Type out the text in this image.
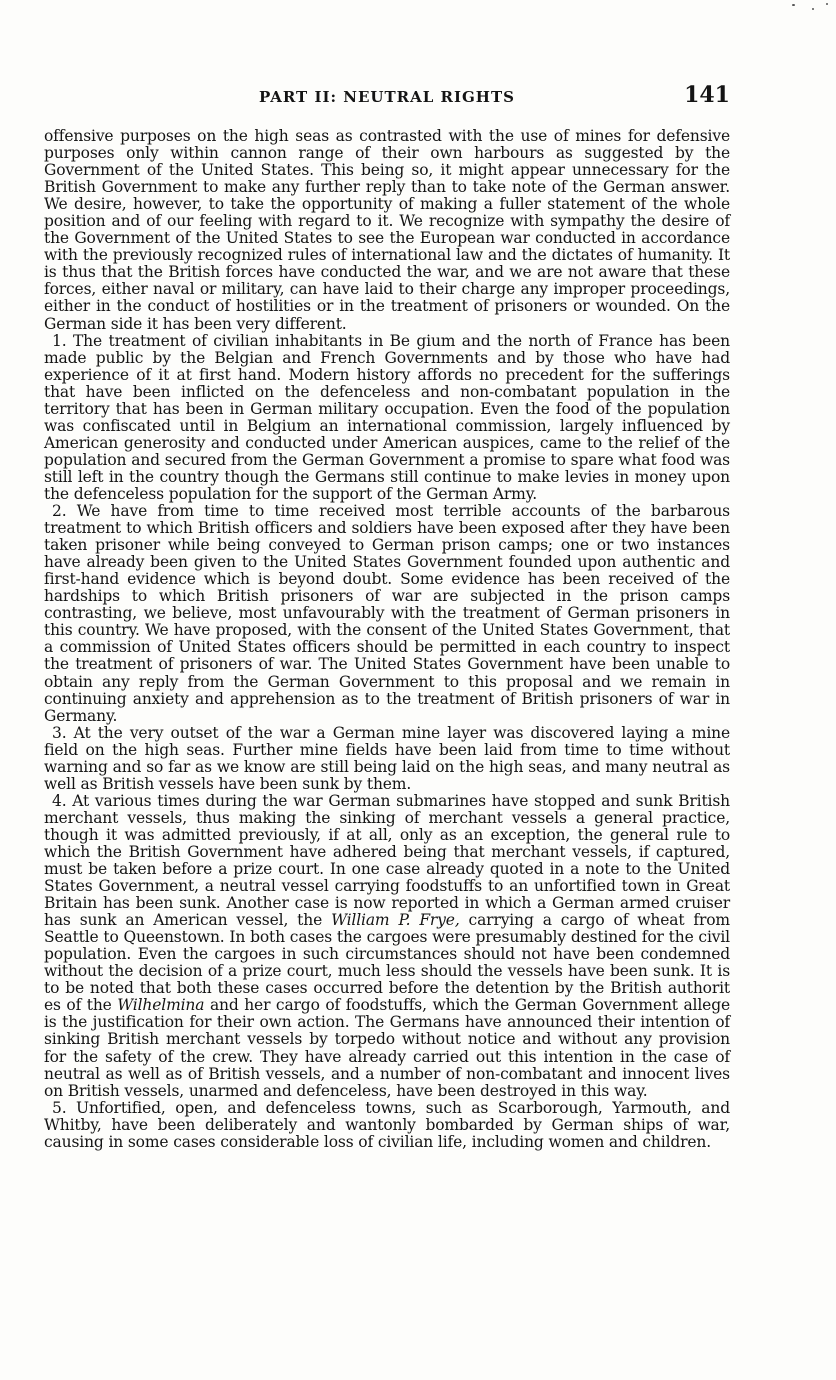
PART II: NEUTRAL RIGHTS	141

offensive purposes on the high seas as contrasted with the use of mines for defensive purposes only within cannon range of their own harbours as suggested by the Government of the United States. This being so, it might appear unnecessary for the British Government to make any further reply than to take note of the German answer. We desire, however, to take the opportunity of making a fuller statement of the whole position and of our feeling with regard to it. We recognize with sympathy the desire of the Government of the United States to see the European war conducted in accordance with the previously recognized rules of international law and the dictates of humanity. It is thus that the British forces have conducted the war, and we are not aware that these forces, either naval or military, can have laid to their charge any improper proceedings, either in the conduct of hostilities or in the treatment of prisoners or wounded. On the German side it has been very different.

1. The treatment of civilian inhabitants in Be gium and the north of France has been made public by the Belgian and French Governments and by those who have had experience of it at first hand. Modern history affords no precedent for the sufferings that have been inflicted on the defenceless and non-combatant population in the territory that has been in German military occupation. Even the food of the population was confiscated until in Belgium an international commission, largely influenced by American generosity and conducted under American auspices, came to the relief of the population and secured from the German Government a promise to spare what food was still left in the country though the Germans still continue to make levies in money upon the defenceless population for the support of the German Army.

2. We have from time to time received most terrible accounts of the barbarous treatment to which British officers and soldiers have been exposed after they have been taken prisoner while being conveyed to German prison camps; one or two instances have already been given to the United States Government founded upon authentic and first-hand evidence which is beyond doubt. Some evidence has been received of the hardships to which British prisoners of war are subjected in the prison camps contrasting, we believe, most unfavourably with the treatment of German prisoners in this country. We have proposed, with the consent of the United States Government, that a commission of United States officers should be permitted in each country to inspect the treatment of prisoners of war. The United States Government have been unable to obtain any reply from the German Government to this proposal and we remain in continuing anxiety and apprehension as to the treatment of British prisoners of war in Germany.

3. At the very outset of the war a German mine layer was discovered laying a mine field on the high seas. Further mine fields have been laid from time to time without warning and so far as we know are still being laid on the high seas, and many neutral as well as British vessels have been sunk by them.

4. At various times during the war German submarines have stopped and sunk British merchant vessels, thus making the sinking of merchant vessels a general practice, though it was admitted previously, if at all, only as an exception, the general rule to which the British Government have adhered being that merchant vessels, if captured, must be taken before a prize court. In one case already quoted in a note to the United States Government, a neutral vessel carrying foodstuffs to an unfortified town in Great Britain has been sunk. Another case is now reported in which a German armed cruiser has sunk an American vessel, the William P. Frye, carrying a cargo of wheat from Seattle to Queenstown. In both cases the cargoes were presumably destined for the civil population. Even the cargoes in such circumstances should not have been condemned without the decision of a prize court, much less should the vessels have been sunk. It is to be noted that both these cases occurred before the detention by the British authorit es of the Wilhelmina and her cargo of foodstuffs, which the German Government allege is the justification for their own action. The Germans have announced their intention of sinking British merchant vessels by torpedo without notice and without any provision for the safety of the crew. They have already carried out this intention in the case of neutral as well as of British vessels, and a number of non-combatant and innocent lives on British vessels, unarmed and defenceless, have been destroyed in this way.

5. Unfortified, open, and defenceless towns, such as Scarborough, Yarmouth, and Whitby, have been deliberately and wantonly bombarded by German ships of war, causing in some cases considerable loss of civilian life, including women and children.
